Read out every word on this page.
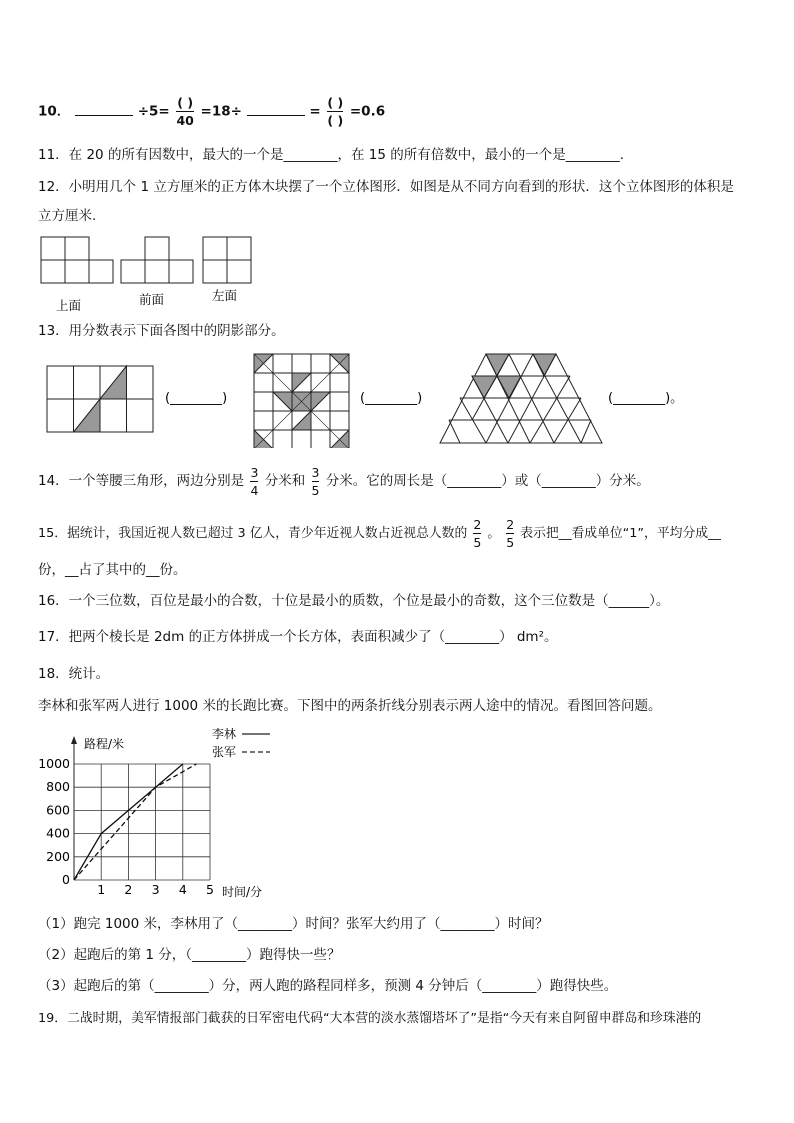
10．	$\div 5= \frac{( )}{40} =18\div$	= $\frac{( )}{( )} =0.6$
11．在 20 的所有因数中，最大的一个是________，在 15 的所有倍数中，最小的一个是________.
12．小明用几个 1 立方厘米的正方体木块摆了一个立体图形．如图是从不同方向看到的形状．这个立体图形的体积是
立方厘米.
上面	前面	左面
13．用分数表示下面各图中的阴影部分。
(________)	(________)	(________)。
14．一个等腰三角形，两边分别是 $\frac{3}{4}$ 分米和 $\frac{3}{5}$ 分米。它的周长是（________）或（________）分米。
15．据统计，我国近视人数已超过 3 亿人，青少年近视人数占近视总人数的 $\frac{2}{5}$ 。 $\frac{2}{5}$ 表示把__看成单位“1”，平均分成__
份，__占了其中的__份。
16．一个三位数，百位是最小的合数，十位是最小的质数，个位是最小的奇数，这个三位数是（______）。
17．把两个棱长是 2dm 的正方体拼成一个长方体，表面积减少了（________） dm²。
18．统计。
李林和张军两人进行 1000 米的长跑比赛。下图中的两条折线分别表示两人途中的情况。看图回答问题。
0
200
400
600
800
1000
1 2 3 4 5
路程/米
时间/分
李林
张军
（1）跑完 1000 米，李林用了（________）时间？张军大约用了（________）时间？
（2）起跑后的第 1 分，（________）跑得快一些？
（3）起跑后的第（________）分，两人跑的路程同样多，预测 4 分钟后（________）跑得快些。
19．二战时期，美军情报部门截获的日军密电代码“大本营的淡水蒸馏塔坏了”是指“今天有来自阿留申群岛和珍珠港的
